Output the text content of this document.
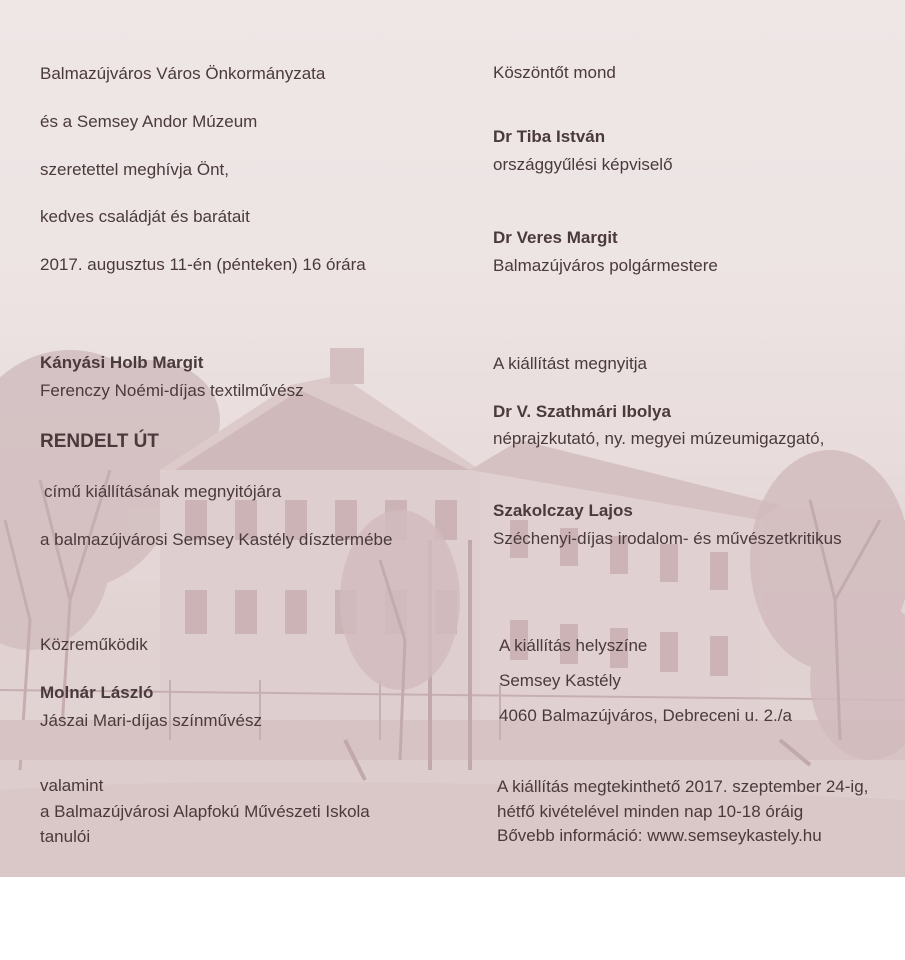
Balmazújváros Város Önkormányzata
és a Semsey Andor Múzeum
szeretettel meghívja Önt,
kedves családját és barátait
2017. augusztus 11-én (pénteken) 16 órára
Köszöntőt mond
Dr Tiba István
országgyűlési képviselő
Dr Veres Margit
Balmazújváros polgármestere
Kányási Holb Margit
Ferenczy Noémi-díjas textilművész
RENDELT ÚT
című kiállításának megnyitójára
a balmazújvárosi Semsey Kastély dísztermébe
A kiállítást megnyitja
Dr V. Szathmári Ibolya
néprajzkutató, ny. megyei múzeumigazgató,
Szakolczay Lajos
Széchenyi-díjas irodalom- és művészetkritikus
Közreműködik
Molnár László
Jászai Mari-díjas színművész
valamint
a Balmazújvárosi Alapfokú Művészeti Iskola
tanulói
A kiállítás helyszíne
Semsey Kastély
4060 Balmazújváros, Debreceni u. 2./a
A kiállítás megtekinthető 2017. szeptember 24-ig,
hétfő kivételével minden nap 10-18 óráig
Bővebb információ: www.semseykastely.hu
